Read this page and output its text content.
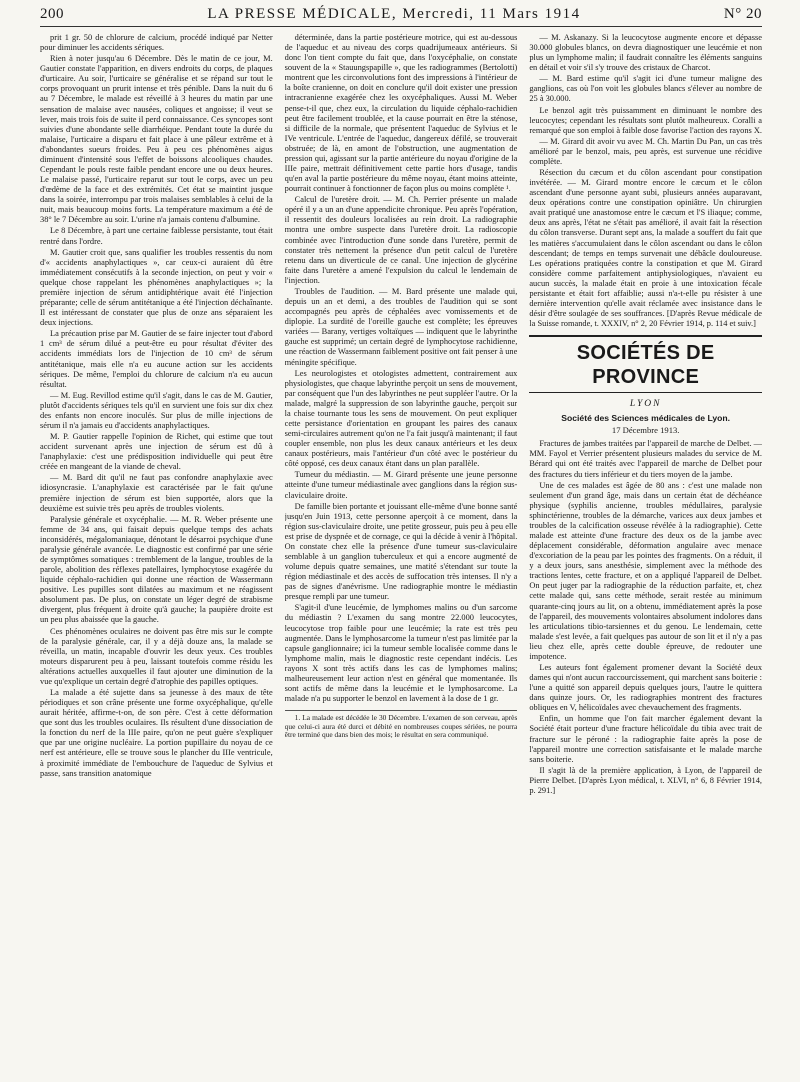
200	LA PRESSE MÉDICALE, Mercredi, 11 Mars 1914	N° 20

prit 1 gr. 50 de chlorure de calcium, procédé indiqué par Netter pour diminuer les accidents sériques.

Rien à noter jusqu'au 6 Décembre. Dès le matin de ce jour, M. Gautier constate l'apparition, en divers endroits du corps, de plaques d'urticaire. Au soir, l'urticaire se généralise et se répand sur tout le corps provoquant un prurit intense et très pénible. Dans la nuit du 6 au 7 Décembre, le malade est réveillé à 3 heures du matin par une sensation de malaise avec nausées, coliques et angoisse; il veut se lever, mais trois fois de suite il perd connaissance. Ces syncopes sont suivies d'une abondante selle diarrhéique. Pendant toute la durée du malaise, l'urticaire a disparu et fait place à une pâleur extrême et à d'abondantes sueurs froides. Peu à peu ces phénomènes aigus diminuent d'intensité sous l'effet de boissons alcooliques chaudes. Cependant le pouls reste faible pendant encore une ou deux heures. Le malaise passé, l'urticaire reparut sur tout le corps, avec un peu d'œdème de la face et des extrémités. Cet état se maintint jusque dans la soirée, interrompu par trois malaises semblables à celui de la nuit, mais beaucoup moins forts. La température maximum a été de 38° le 7 Décembre au soir. L'urine n'a jamais contenu d'albumine.

Le 8 Décembre, à part une certaine faiblesse persistante, tout était rentré dans l'ordre.

M. Gautier croit que, sans qualifier les troubles ressentis du nom d'« accidents anaphylactiques », car ceux-ci auraient dû être immédiatement consécutifs à la seconde injection, on peut y voir « quelque chose rappelant les phénomènes anaphylactiques »; la première injection de sérum antidiphtérique avait été l'injection préparante; celle de sérum antitétanique a été l'injection déchaînante. Il est intéressant de constater que plus de onze ans séparaient les deux injections.

La précaution prise par M. Gautier de se faire injecter tout d'abord 1 cm³ de sérum dilué a peut-être eu pour résultat d'éviter des accidents immédiats lors de l'injection de 10 cm³ de sérum antitétanique, mais elle n'a eu aucune action sur les accidents sériques. De même, l'emploi du chlorure de calcium n'a eu aucun résultat.

— M. Eug. Revillod estime qu'il s'agit, dans le cas de M. Gautier, plutôt d'accidents sériques tels qu'il en survient une fois sur dix chez des enfants non encore inoculés. Sur plus de mille injections de sérum il n'a jamais eu d'accidents anaphylactiques.

M. P. Gautier rappelle l'opinion de Richet, qui estime que tout accident survenant après une injection de sérum est dû à l'anaphylaxie: c'est une prédisposition individuelle qui peut être créée en mangeant de la viande de cheval.

— M. Bard dit qu'il ne faut pas confondre anaphylaxie avec idiosyncrasie. L'anaphylaxie est caractérisée par le fait qu'une première injection de sérum est bien supportée, alors que la deuxième est suivie très peu après de troubles violents.

Paralysie générale et oxycéphalie. — M. R. Weber présente une femme de 34 ans, qui faisait depuis quelque temps des achats inconsidérés, mégalomaniaque, dénotant le désarroi psychique d'une paralysie générale avancée. Le diagnostic est confirmé par une série de symptômes somatiques : tremblement de la langue, troubles de la parole, abolition des réflexes patellaires, lymphocytose exagérée du liquide céphalo-rachidien qui donne une réaction de Wassermann positive. Les pupilles sont dilatées au maximum et ne réagissent absolument pas. De plus, on constate un léger degré de strabisme divergent, plus fréquent à droite qu'à gauche; la paupière droite est un peu plus abaissée que la gauche.

Ces phénomènes oculaires ne doivent pas être mis sur le compte de la paralysie générale, car, il y a déjà douze ans, la malade se réveilla, un matin, incapable d'ouvrir les deux yeux. Ces troubles moteurs disparurent peu à peu, laissant toutefois comme résidu les altérations actuelles auxquelles il faut ajouter une diminution de la vue qu'explique un certain degré d'atrophie des papilles optiques.

La malade a été sujette dans sa jeunesse à des maux de tête périodiques et son crâne présente une forme oxycéphalique, qu'elle aurait héritée, affirme-t-on, de son père. C'est à cette déformation que sont dus les troubles oculaires. Ils résultent d'une dissociation de la fonction du nerf de la IIIe paire, qu'on ne peut guère s'expliquer que par une origine nucléaire. La portion pupillaire du noyau de ce nerf est antérieure, elle se trouve sous le plancher du IIIe ventricule, à proximité immédiate de l'embouchure de l'aqueduc de Sylvius et passe, sans transition anatomique

déterminée, dans la partie postérieure motrice, qui est au-dessous de l'aqueduc et au niveau des corps quadrijumeaux antérieurs. Si donc l'on tient compte du fait que, dans l'oxycéphalie, on constate souvent de la « Stauungspapille », que les radiogrammes (Bertolotti) montrent que les circonvolutions font des impressions à l'intérieur de la boîte cranienne, on doit en conclure qu'il doit exister une pression intracranienne exagérée chez les oxycéphaliques. Aussi M. Weber pense-t-il que, chez eux, la circulation du liquide céphalo-rachidien peut être facilement troublée, et la cause pourrait en être la sténose, si difficile de la normale, que présentent l'aqueduc de Sylvius et le IVe ventricule. L'entrée de l'aqueduc, dangereux défilé, se trouverait obstruée; de là, en amont de l'obstruction, une augmentation de pression qui, agissant sur la partie antérieure du noyau d'origine de la IIIe paire, mettrait définitivement cette partie hors d'usage, tandis qu'en aval la partie postérieure du même noyau, étant moins atteinte, pourrait continuer à fonctionner de façon plus ou moins complète ¹.

Calcul de l'uretère droit. — M. Ch. Perrier présente un malade opéré il y a un an d'une appendicite chronique. Peu après l'opération, il ressentit des douleurs localisées au rein droit. La radiographie montra une ombre suspecte dans l'uretère droit. La radioscopie combinée avec l'introduction d'une sonde dans l'uretère, permit de constater très nettement la présence d'un petit calcul de l'uretère retenu dans un diverticule de ce canal. Une injection de glycérine faite dans l'uretère a amené l'expulsion du calcul le lendemain de l'injection.

Troubles de l'audition. — M. Bard présente une malade qui, depuis un an et demi, a des troubles de l'audition qui se sont accompagnés peu après de céphalées avec vomissements et de diplopie. La surdité de l'oreille gauche est complète; les épreuves variées — Barany, vertiges voltaïques — indiquent que le labyrinthe gauche est supprimé; un certain degré de lymphocytose rachidienne, une réaction de Wassermann faiblement positive ont fait penser à une méningite spécifique.

Les neurologistes et otologistes admettent, contrairement aux physiologistes, que chaque labyrinthe perçoit un sens de mouvement, par conséquent que l'un des labyrinthes ne peut suppléer l'autre. Or la malade, malgré la suppression de son labyrinthe gauche, perçoit sur la chaise tournante tous les sens de mouvement. On peut expliquer cette persistance d'orientation en groupant les paires des canaux semi-circulaires autrement qu'on ne l'a fait jusqu'à maintenant; il faut coupler ensemble, non plus les deux canaux antérieurs et les deux canaux postérieurs, mais l'antérieur d'un côté avec le postérieur du côté opposé, ces deux canaux étant dans un plan parallèle.

Tumeur du médiastin. — M. Girard présente une jeune personne atteinte d'une tumeur médiastinale avec ganglions dans la région sus-claviculaire droite.

De famille bien portante et jouissant elle-même d'une bonne santé jusqu'en Juin 1913, cette personne aperçoit à ce moment, dans la région sus-claviculaire droite, une petite grosseur, puis peu à peu elle est prise de dyspnée et de cornage, ce qui la décide à venir à l'hôpital. On constate chez elle la présence d'une tumeur sus-claviculaire semblable à un ganglion tuberculeux et qui a encore augmenté de volume depuis quatre semaines, une matité s'étendant sur toute la région médiastinale et des accès de suffocation très intenses. Il n'y a pas de signes d'anévrisme. Une radiographie montre le médiastin presque rempli par une tumeur.

S'agit-il d'une leucémie, de lymphomes malins ou d'un sarcome du médiastin ? L'examen du sang montre 22.000 leucocytes, leucocytose trop faible pour une leucémie; la rate est très peu augmentée. Dans le lymphosarcome la tumeur n'est pas limitée par la capsule ganglionnaire; ici la tumeur semble localisée comme dans le lymphome malin, mais le diagnostic reste cependant indécis. Les rayons X sont très actifs dans les cas de lymphomes malins; malheureusement leur action n'est en général que momentanée. Ils sont actifs de même dans la leucémie et le lymphosarcome. La malade n'a pu supporter le benzol en lavement à la dose de 1 gr.

1. La malade est décédée le 30 Décembre. L'examen de son cerveau, après que celui-ci aura été durci et débité en nombreuses coupes sériées, ne pourra être terminé que dans bien des mois; le résultat en sera communiqué.

— M. Askanazy. Si la leucocytose augmente encore et dépasse 30.000 globules blancs, on devra diagnostiquer une leucémie et non plus un lymphome malin; il faudrait connaître les éléments sanguins en détail et voir s'il s'y trouve des cristaux de Charcot.

— M. Bard estime qu'il s'agit ici d'une tumeur maligne des ganglions, cas où l'on voit les globules blancs s'élever au nombre de 25 à 30.000.

Le benzol agit très puissamment en diminuant le nombre des leucocytes; cependant les résultats sont plutôt malheureux. Coralli a remarqué que son emploi à faible dose favorise l'action des rayons X.

— M. Girard dit avoir vu avec M. Ch. Martin Du Pan, un cas très amélioré par le benzol, mais, peu après, est survenue une récidive complète.

Résection du cæcum et du côlon ascendant pour constipation invétérée. — M. Girard montre encore le cæcum et le côlon ascendant d'une personne ayant subi, plusieurs années auparavant, deux opérations contre une constipation opiniâtre. Un chirurgien avait pratiqué une anastomose entre le cæcum et l'S iliaque; comme, deux ans après, l'état ne s'était pas amélioré, il avait fait la résection du côlon transverse. Durant sept ans, la malade a souffert du fait que les matières s'accumulaient dans le côlon ascendant ou dans le côlon descendant; de temps en temps survenait une débâcle douloureuse. Les opérations pratiquées contre la constipation et que M. Girard considère comme parfaitement antiphysiologiques, n'avaient eu aucun succès, la malade était en proie à une intoxication fécale persistante et était fort affaiblie; aussi n'a-t-elle pu résister à une dernière intervention qu'elle avait réclamée avec insistance dans le désir d'être soulagée de ses souffrances. [D'après Revue médicale de la Suisse romande, t. XXXIV, n° 2, 20 Février 1914, p. 114 et suiv.]

SOCIÉTÉS DE PROVINCE
LYON
Société des Sciences médicales de Lyon.
17 Décembre 1913.

Fractures de jambes traitées par l'appareil de marche de Delbet. — MM. Fayol et Verrier présentent plusieurs malades du service de M. Bérard qui ont été traités avec l'appareil de marche de Delbet pour des fractures du tiers inférieur et du tiers moyen de la jambe.

Une de ces malades est âgée de 80 ans : c'est une malade non seulement d'un grand âge, mais dans un certain état de déchéance physique (syphilis ancienne, troubles médullaires, paralysie sphinctérienne, troubles de la démarche, varices aux deux jambes et troubles de la calcification osseuse révélée à la radiographie). Cette malade est atteinte d'une fracture des deux os de la jambe avec déplacement considérable, déformation angulaire avec menace d'excoriation de la peau par les pointes des fragments. On a réduit, il y a deux jours, sans anesthésie, simplement avec la méthode des tractions lentes, cette fracture, et on a appliqué l'appareil de Delbet. On peut juger par la radiographie de la réduction parfaite, et, chez cette malade qui, sans cette méthode, serait restée au minimum quarante-cinq jours au lit, on a obtenu, immédiatement après la pose de l'appareil, des mouvements volontaires absolument indolores dans les articulations tibio-tarsiennes et du genou. Le lendemain, cette malade s'est levée, a fait quelques pas autour de son lit et il n'y a pas lieu chez elle, après cette double épreuve, de redouter une impotence.

Les auteurs font également promener devant la Société deux dames qui n'ont aucun raccourcissement, qui marchent sans boiterie : l'une a quitté son appareil depuis quelques jours, l'autre le quittera dans quinze jours. Or, les radiographies montrent des fractures obliques en V, hélicoïdales avec chevauchement des fragments.

Enfin, un homme que l'on fait marcher également devant la Société était porteur d'une fracture hélicoïdale du tibia avec trait de fracture sur le péroné : la radiographie faite après la pose de l'appareil montre une correction satisfaisante et le malade marche sans boiterie.

Il s'agit là de la première application, à Lyon, de l'appareil de Pierre Delbet. [D'après Lyon médical, t. XLVI, n° 6, 8 Février 1914, p. 291.]
